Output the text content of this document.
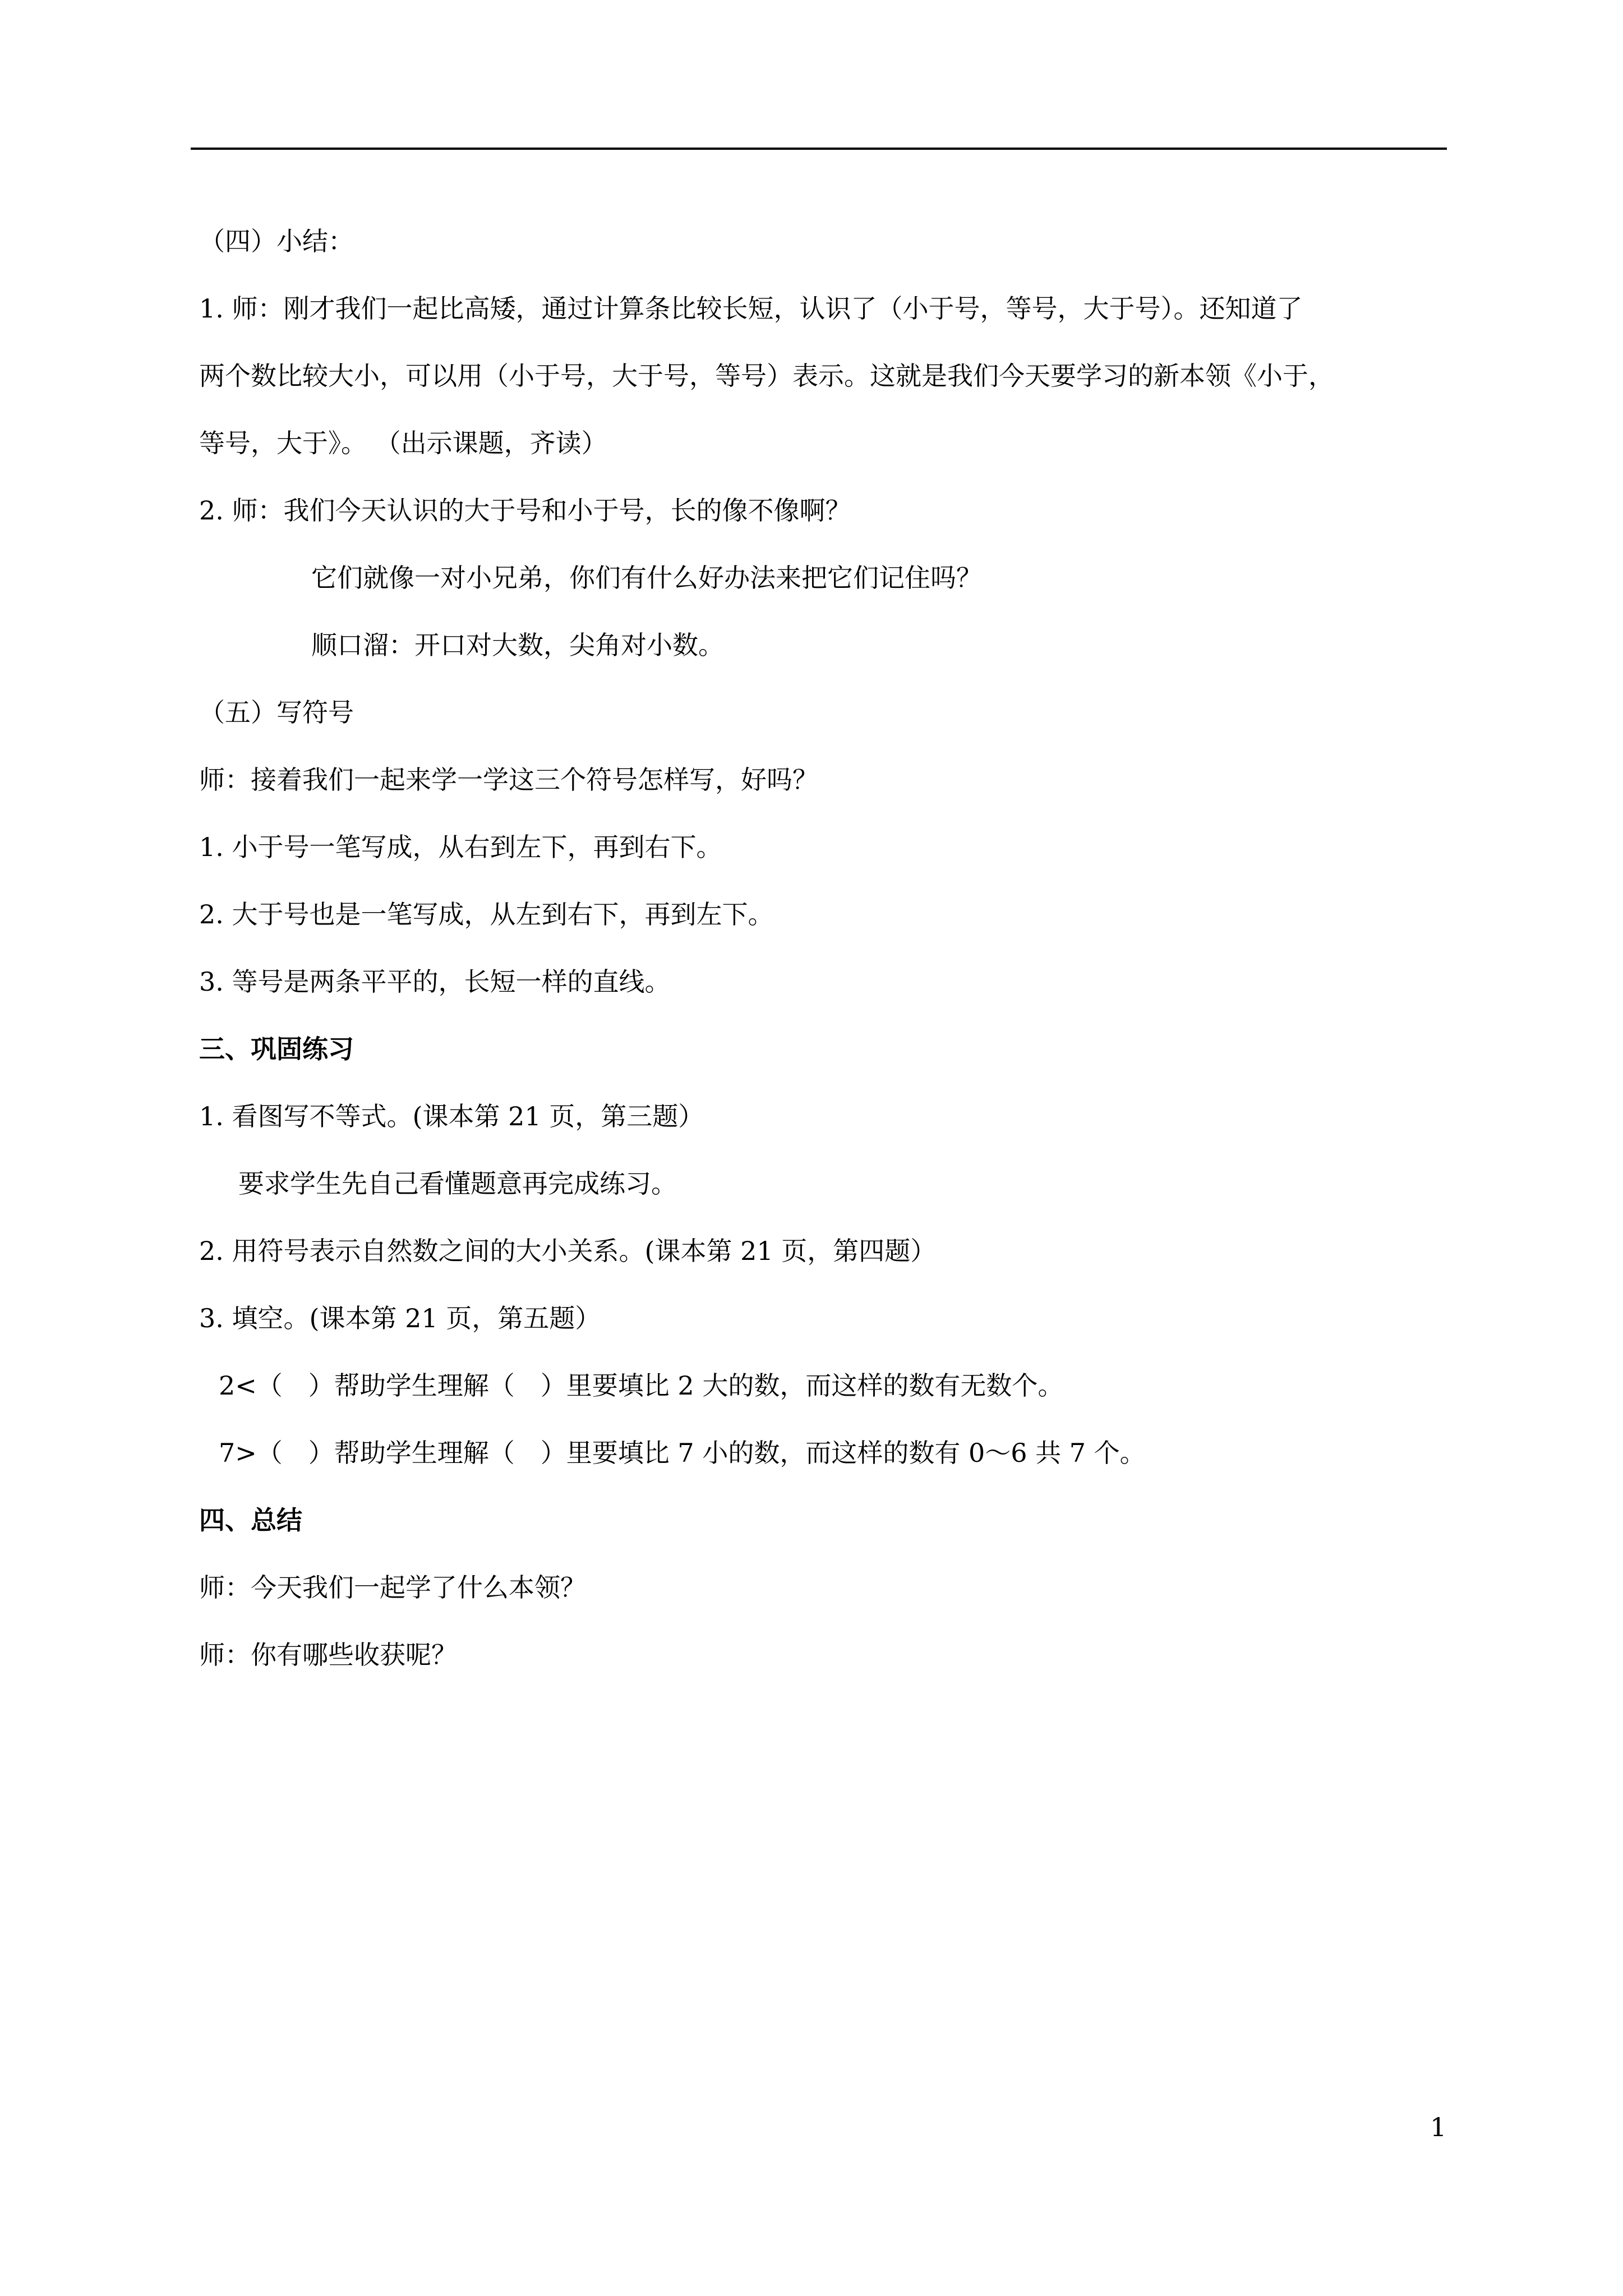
（四）小结：
1. 师：刚才我们一起比高矮，通过计算条比较长短，认识了（小于号，等号，大于号）。还知道了
两个数比较大小，可以用（小于号，大于号，等号）表示。这就是我们今天要学习的新本领《小于，
等号，大于》。 （出示课题，齐读）
2. 师：我们今天认识的大于号和小于号，长的像不像啊？
它们就像一对小兄弟，你们有什么好办法来把它们记住吗？
顺口溜：开口对大数，尖角对小数。
（五）写符号
师：接着我们一起来学一学这三个符号怎样写，好吗？
1. 小于号一笔写成，从右到左下，再到右下。
2. 大于号也是一笔写成，从左到右下，再到左下。
3. 等号是两条平平的，长短一样的直线。
三、巩固练习
1. 看图写不等式。(课本第 21 页，第三题）
要求学生先自己看懂题意再完成练习。
2. 用符号表示自然数之间的大小关系。(课本第 21 页，第四题）
3. 填空。(课本第 21 页，第五题）
2<（　）帮助学生理解（　）里要填比 2 大的数，而这样的数有无数个。
7>（　）帮助学生理解（　）里要填比 7 小的数，而这样的数有 0～6 共 7 个。
四、总结
师：今天我们一起学了什么本领？
师：你有哪些收获呢？
1
